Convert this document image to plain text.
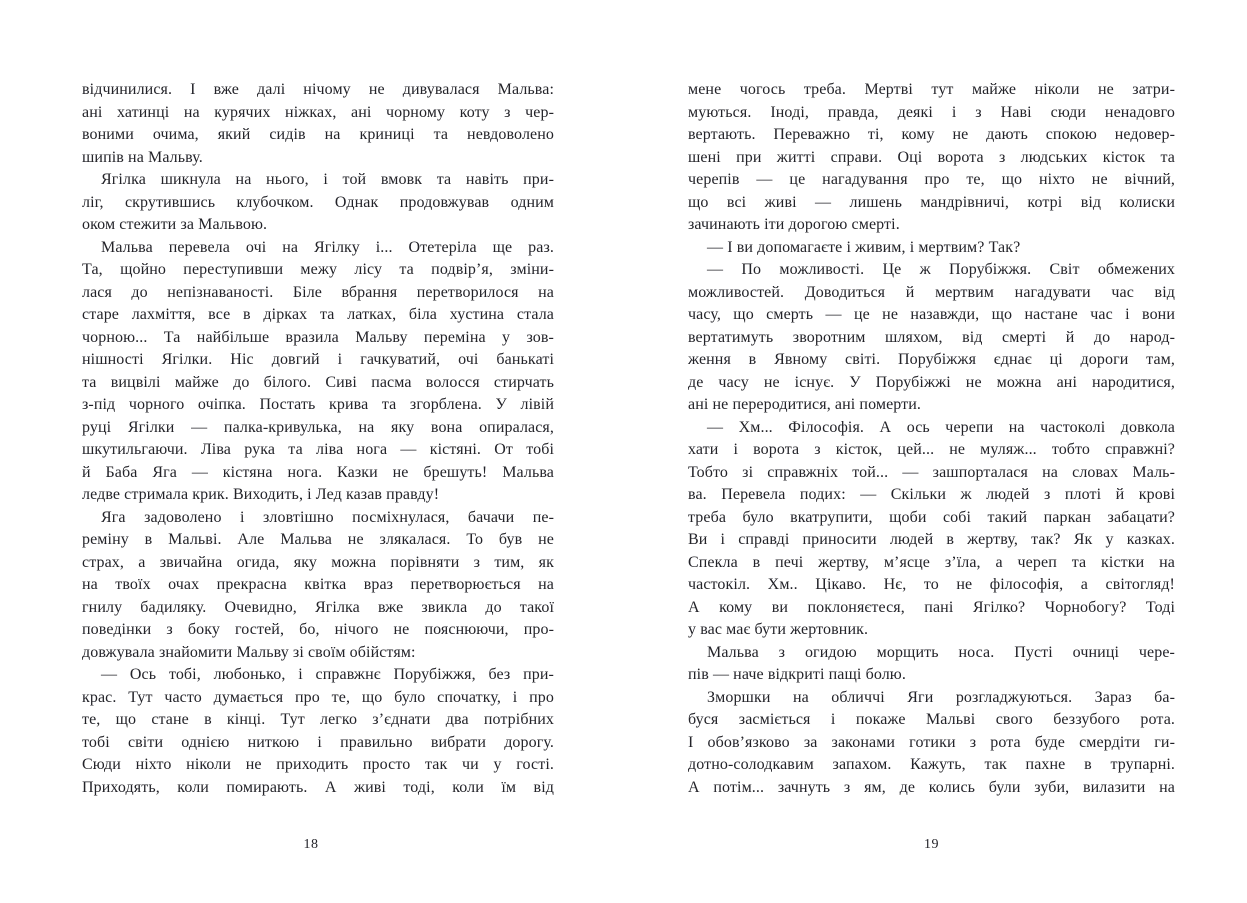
відчинилися. І вже далі нічому не дивувалася Мальва:
ані хатинці на курячих ніжках, ані чорному коту з чер-
воними очима, який сидів на криниці та невдоволено
шипів на Мальву.
Ягілка шикнула на нього, і той вмовк та навіть при-
ліг, скрутившись клубочком. Однак продовжував одним
оком стежити за Мальвою.
Мальва перевела очі на Ягілку і... Отетеріла ще раз.
Та, щойно переступивши межу лісу та подвір’я, зміни-
лася до непізнаваності. Біле вбрання перетворилося на
старе лахміття, все в дірках та латках, біла хустина стала
чорною... Та найбільше вразила Мальву переміна у зов-
нішності Ягілки. Ніс довгий і гачкуватий, очі банькаті
та вицвілі майже до білого. Сиві пасма волосся стирчать
з-під чорного очіпка. Постать крива та згорблена. У лівій
руці Ягілки — палка-кривулька, на яку вона опиралася,
шкутильгаючи. Ліва рука та ліва нога — кістяні. От тобі
й Баба Яга — кістяна нога. Казки не брешуть! Мальва
ледве стримала крик. Виходить, і Лед казав правду!
Яга задоволено і зловтішно посміхнулася, бачачи пе-
реміну в Мальві. Але Мальва не злякалася. То був не
страх, а звичайна огида, яку можна порівняти з тим, як
на твоїх очах прекрасна квітка враз перетворюється на
гнилу бадиляку. Очевидно, Ягілка вже звикла до такої
поведінки з боку гостей, бо, нічого не пояснюючи, про-
довжувала знайомити Мальву зі своїм обійстям:
— Ось тобі, любонько, і справжнє Порубіжжя, без при-
крас. Тут часто думається про те, що було спочатку, і про
те, що стане в кінці. Тут легко з’єднати два потрібних
тобі світи однією ниткою і правильно вибрати дорогу.
Сюди ніхто ніколи не приходить просто так чи у гості.
Приходять, коли помирають. А живі тоді, коли їм від
18
мене чогось треба. Мертві тут майже ніколи не затри-
муються. Іноді, правда, деякі і з Наві сюди ненадовго
вертають. Переважно ті, кому не дають спокою недовер-
шені при житті справи. Оці ворота з людських кісток та
черепів — це нагадування про те, що ніхто не вічний,
що всі живі — лишень мандрівничі, котрі від колиски
зачинають іти дорогою смерті.
— І ви допомагаєте і живим, і мертвим? Так?
— По можливості. Це ж Порубіжжя. Світ обмежених
можливостей. Доводиться й мертвим нагадувати час від
часу, що смерть — це не назавжди, що настане час і вони
вертатимуть зворотним шляхом, від смерті й до народ-
ження в Явному світі. Порубіжжя єднає ці дороги там,
де часу не існує. У Порубіжжі не можна ані народитися,
ані не переродитися, ані померти.
— Хм... Філософія. А ось черепи на частоколі довкола
хати і ворота з кісток, цей... не муляж... тобто справжні?
Тобто зі справжніх той... — зашпорталася на словах Маль-
ва. Перевела подих: — Скільки ж людей з плоті й крові
треба було вкатрупити, щоби собі такий паркан забацати?
Ви і справді приносити людей в жертву, так? Як у казках.
Спекла в печі жертву, м’ясце з’їла, а череп та кістки на
частокіл. Хм.. Цікаво. Нє, то не філософія, а світогляд!
А кому ви поклоняєтеся, пані Ягілко? Чорнобогу? Тоді
у вас має бути жертовник.
Мальва з огидою морщить носа. Пусті очниці чере-
пів — наче відкриті пащі болю.
Зморшки на обличчі Яги розгладжуються. Зараз ба-
буся засміється і покаже Мальві свого беззубого рота.
І обов’язково за законами готики з рота буде смердіти ги-
дотно-солодкавим запахом. Кажуть, так пахне в трупарні.
А потім... зачнуть з ям, де колись були зуби, вилазити на
19
